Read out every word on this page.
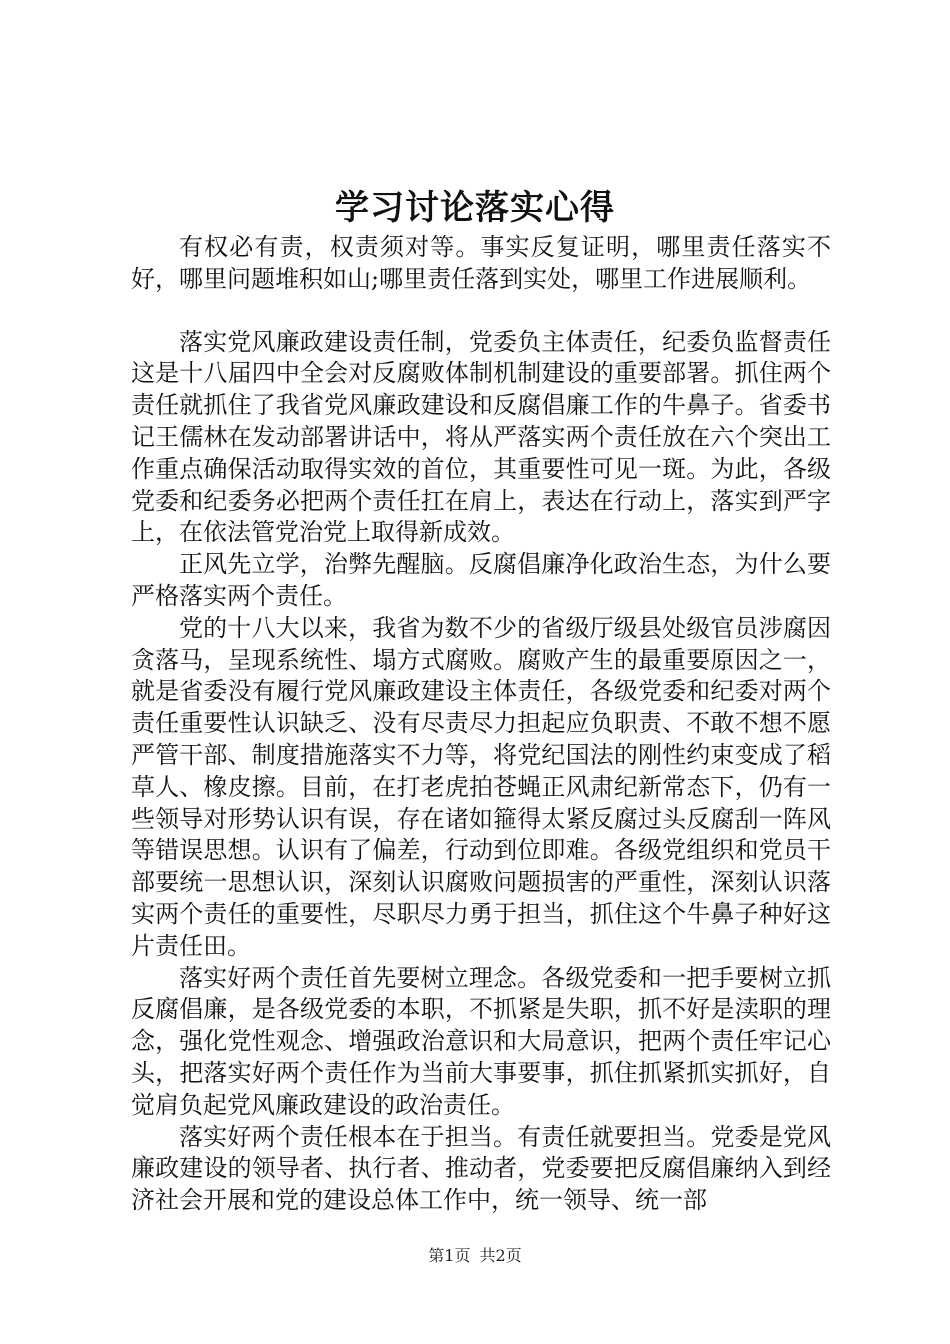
学习讨论落实心得

有权必有责，权责须对等。事实反复证明，哪里责任落实不好，哪里问题堆积如山;哪里责任落到实处，哪里工作进展顺利。

落实党风廉政建设责任制，党委负主体责任，纪委负监督责任这是十八届四中全会对反腐败体制机制建设的重要部署。抓住两个责任就抓住了我省党风廉政建设和反腐倡廉工作的牛鼻子。省委书记王儒林在发动部署讲话中，将从严落实两个责任放在六个突出工作重点确保活动取得实效的首位，其重要性可见一斑。为此，各级党委和纪委务必把两个责任扛在肩上，表达在行动上，落实到严字上，在依法管党治党上取得新成效。

正风先立学，治弊先醒脑。反腐倡廉净化政治生态，为什么要严格落实两个责任。

党的十八大以来，我省为数不少的省级厅级县处级官员涉腐因贪落马，呈现系统性、塌方式腐败。腐败产生的最重要原因之一，就是省委没有履行党风廉政建设主体责任，各级党委和纪委对两个责任重要性认识缺乏、没有尽责尽力担起应负职责、不敢不想不愿严管干部、制度措施落实不力等，将党纪国法的刚性约束变成了稻草人、橡皮擦。目前，在打老虎拍苍蝇正风肃纪新常态下，仍有一些领导对形势认识有误，存在诸如箍得太紧反腐过头反腐刮一阵风等错误思想。认识有了偏差，行动到位即难。各级党组织和党员干部要统一思想认识，深刻认识腐败问题损害的严重性，深刻认识落实两个责任的重要性，尽职尽力勇于担当，抓住这个牛鼻子种好这片责任田。

落实好两个责任首先要树立理念。各级党委和一把手要树立抓反腐倡廉，是各级党委的本职，不抓紧是失职，抓不好是渎职的理念，强化党性观念、增强政治意识和大局意识，把两个责任牢记心头，把落实好两个责任作为当前大事要事，抓住抓紧抓实抓好，自觉肩负起党风廉政建设的政治责任。

落实好两个责任根本在于担当。有责任就要担当。党委是党风廉政建设的领导者、执行者、推动者，党委要把反腐倡廉纳入到经济社会开展和党的建设总体工作中，统一领导、统一部

第1页 共2页
